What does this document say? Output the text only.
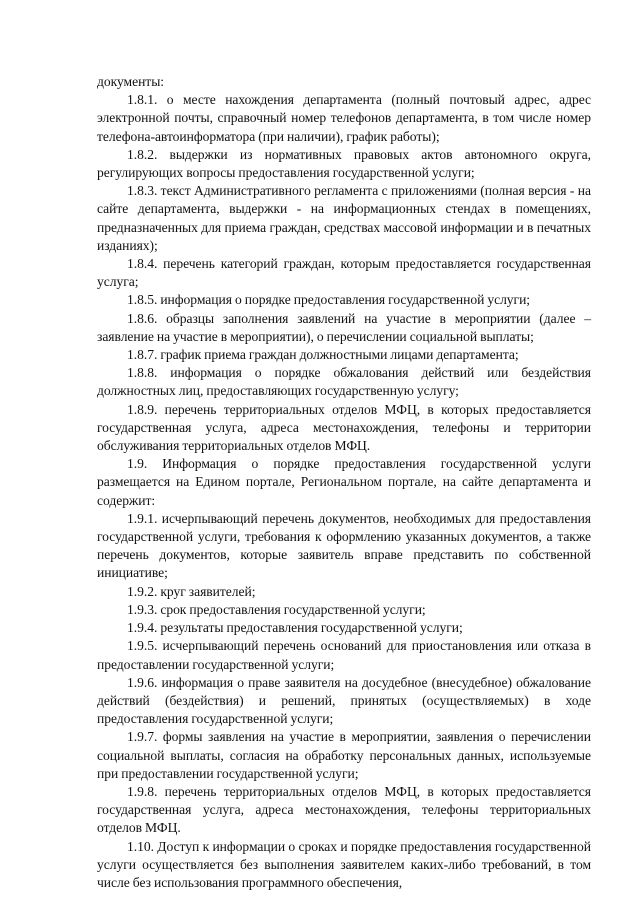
документы:

1.8.1. о месте нахождения департамента (полный почтовый адрес, адрес электронной почты, справочный номер телефонов департамента, в том числе номер телефона-автоинформатора (при наличии), график работы);

1.8.2. выдержки из нормативных правовых актов автономного округа, регулирующих вопросы предоставления государственной услуги;

1.8.3. текст Административного регламента с приложениями (полная версия - на сайте департамента, выдержки - на информационных стендах в помещениях, предназначенных для приема граждан, средствах массовой информации и в печатных изданиях);

1.8.4. перечень категорий граждан, которым предоставляется государственная услуга;

1.8.5. информация о порядке предоставления государственной услуги;

1.8.6. образцы заполнения заявлений на участие в мероприятии (далее – заявление на участие в мероприятии), о перечислении социальной выплаты;

1.8.7. график приема граждан должностными лицами департамента;

1.8.8. информация о порядке обжалования действий или бездействия должностных лиц, предоставляющих государственную услугу;

1.8.9. перечень территориальных отделов МФЦ, в которых предоставляется государственная услуга, адреса местонахождения, телефоны и территории обслуживания территориальных отделов МФЦ.

1.9. Информация о порядке предоставления государственной услуги размещается на Едином портале, Региональном портале, на сайте департамента и содержит:

1.9.1. исчерпывающий перечень документов, необходимых для предоставления государственной услуги, требования к оформлению указанных документов, а также перечень документов, которые заявитель вправе представить по собственной инициативе;

1.9.2. круг заявителей;

1.9.3. срок предоставления государственной услуги;

1.9.4. результаты предоставления государственной услуги;

1.9.5. исчерпывающий перечень оснований для приостановления или отказа в предоставлении государственной услуги;

1.9.6. информация о праве заявителя на досудебное (внесудебное) обжалование действий (бездействия) и решений, принятых (осуществляемых) в ходе предоставления государственной услуги;

1.9.7. формы заявления на участие в мероприятии, заявления о перечислении социальной выплаты, согласия на обработку персональных данных, используемые при предоставлении государственной услуги;

1.9.8. перечень территориальных отделов МФЦ, в которых предоставляется государственная услуга, адреса местонахождения, телефоны территориальных отделов МФЦ.

1.10. Доступ к информации о сроках и порядке предоставления государственной услуги осуществляется без выполнения заявителем каких-либо требований, в том числе без использования программного обеспечения,
